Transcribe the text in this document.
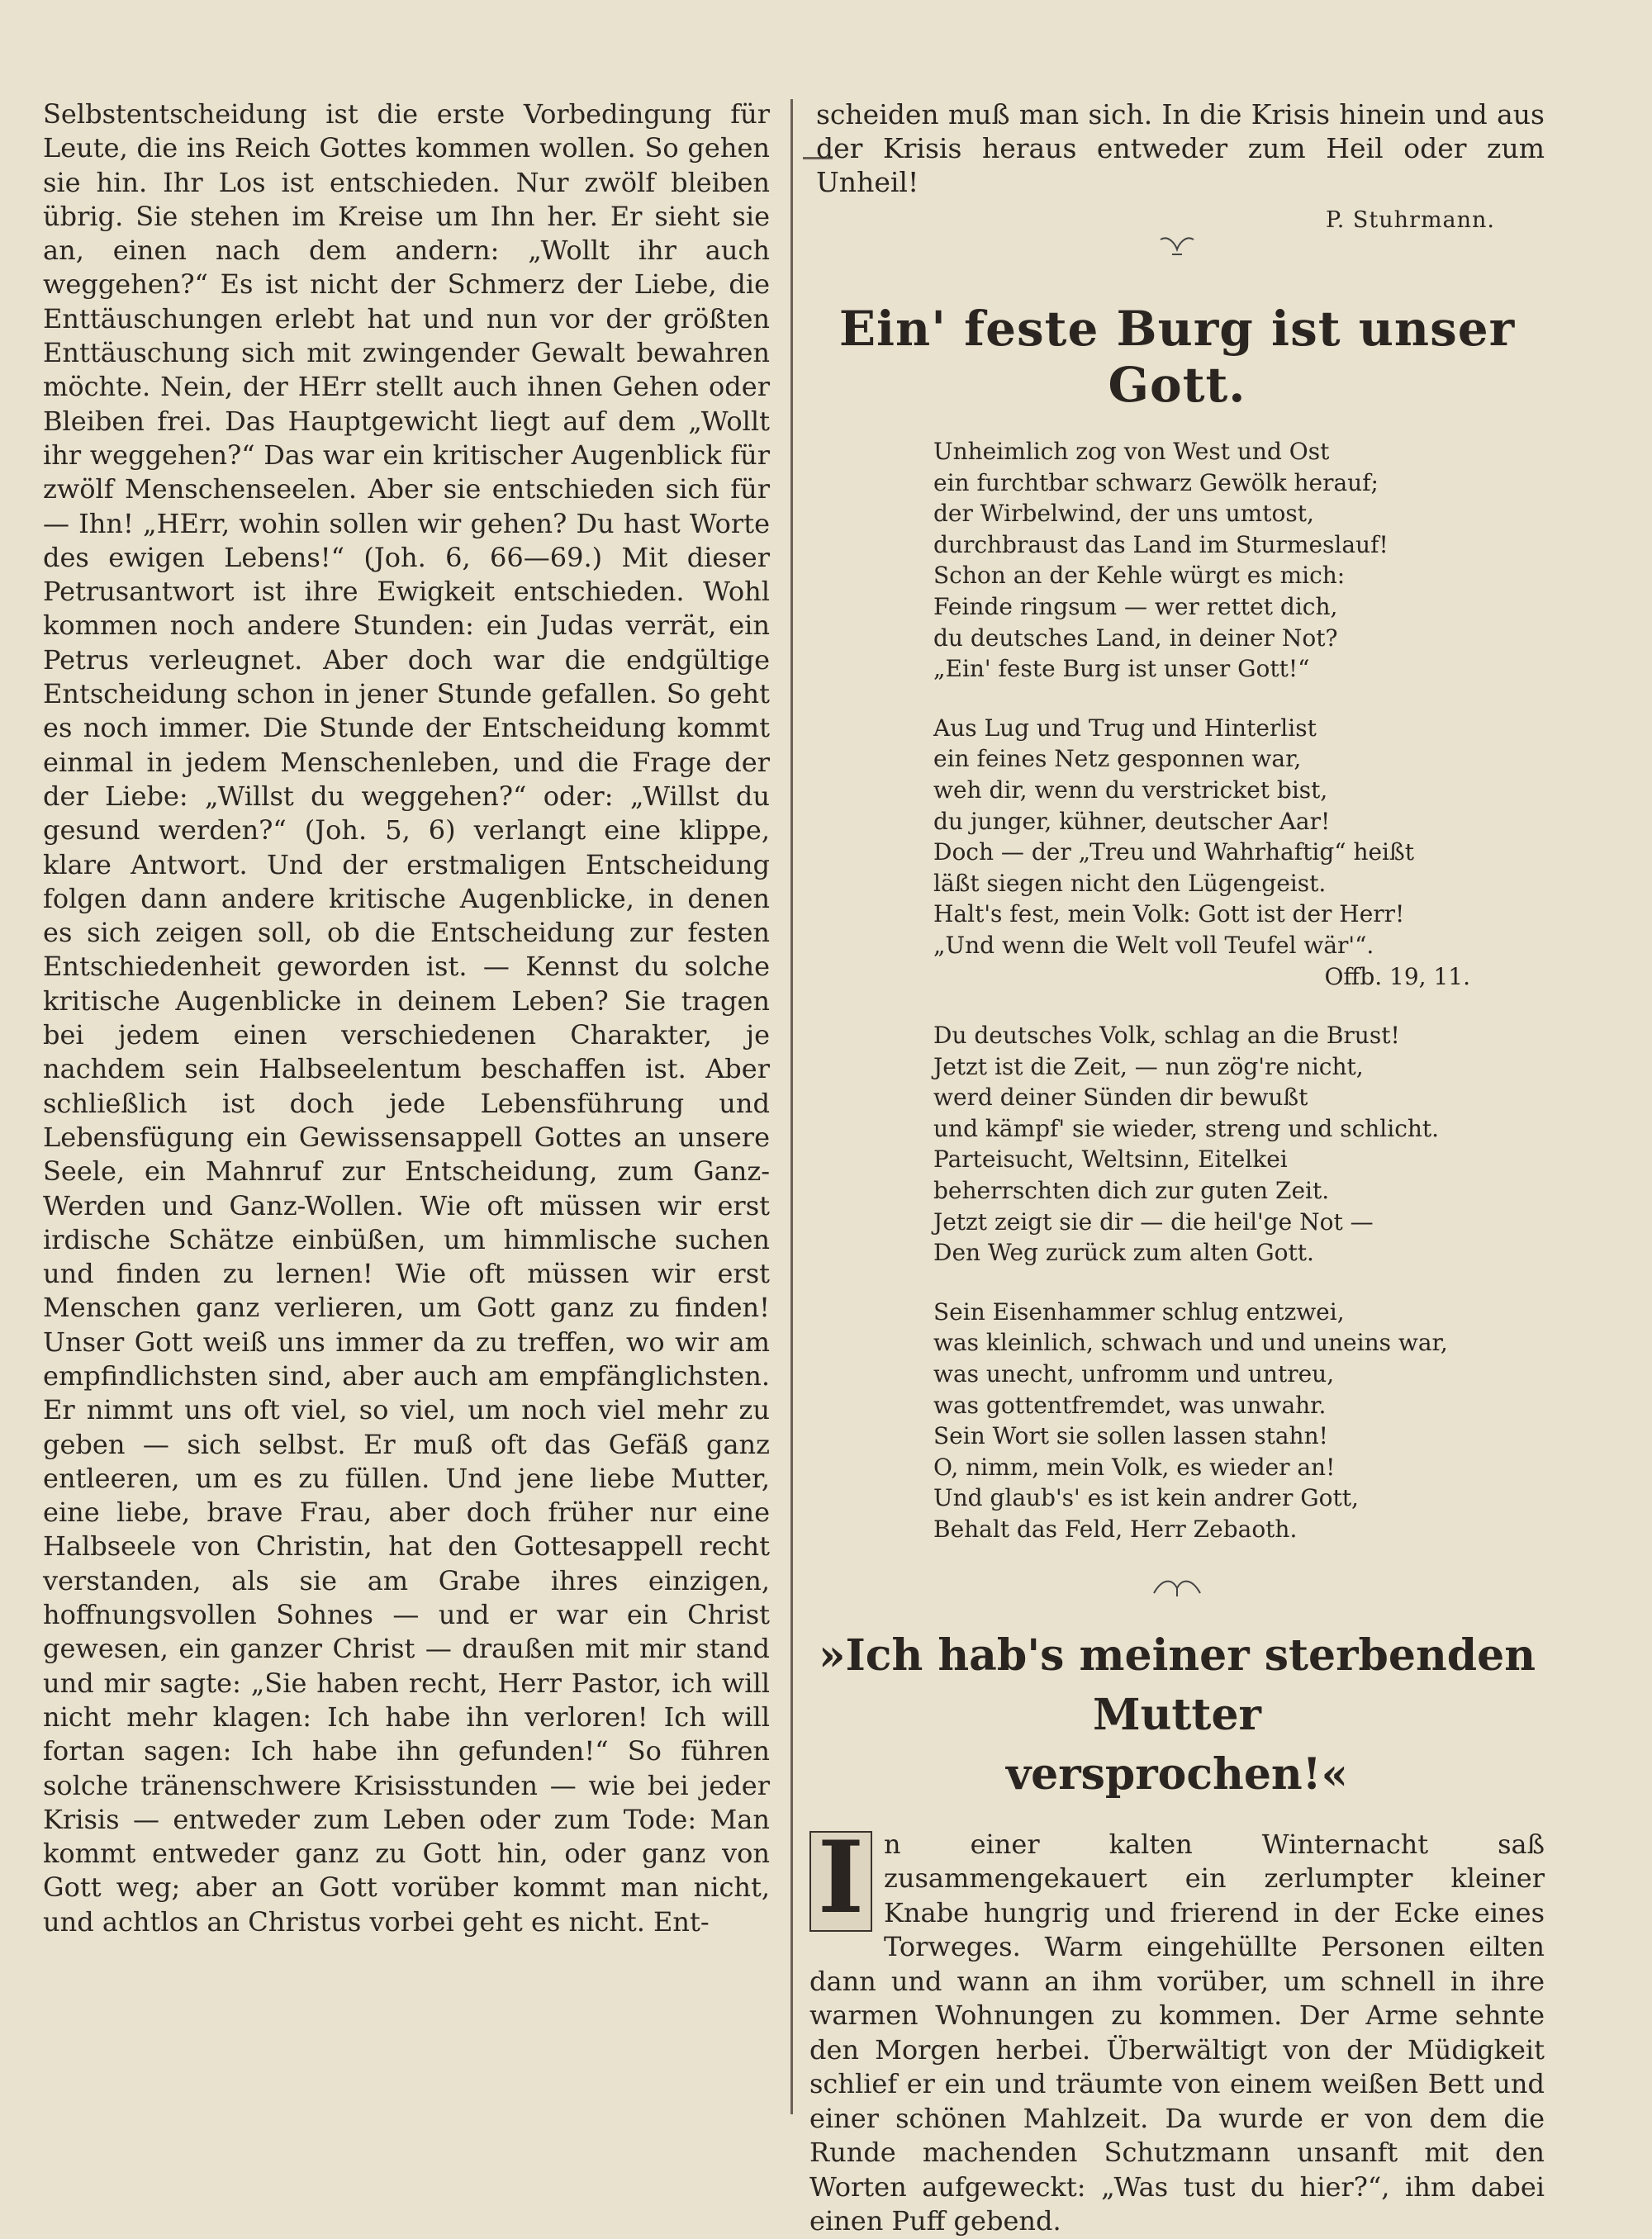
Selbstentscheidung ist die erste Vorbedingung für Leute, die ins Reich Gottes kommen wollen. So gehen sie hin. Ihr Los ist entschieden. Nur zwölf bleiben übrig. Sie stehen im Kreise um Ihn her. Er sieht sie an, einen nach dem andern: „Wollt ihr auch weggehen?“ Es ist nicht der Schmerz der Liebe, die Enttäuschungen erlebt hat und nun vor der größten Enttäuschung sich mit zwingender Gewalt bewahren möchte. Nein, der HErr stellt auch ihnen Gehen oder Bleiben frei. Das Hauptgewicht liegt auf dem „Wollt ihr weggehen?“ Das war ein kritischer Augenblick für zwölf Menschenseelen. Aber sie entschieden sich für — Ihn! „HErr, wohin sollen wir gehen? Du hast Worte des ewigen Lebens!“ (Joh. 6, 66—69.) Mit dieser Petrusantwort ist ihre Ewigkeit entschieden. Wohl kommen noch andere Stunden: ein Judas verrät, ein Petrus verleugnet. Aber doch war die endgültige Entscheidung schon in jener Stunde gefallen. So geht es noch immer. Die Stunde der Entscheidung kommt einmal in jedem Menschenleben, und die Frage der der Liebe: „Willst du weggehen?“ oder: „Willst du gesund werden?“ (Joh. 5, 6) verlangt eine klippe, klare Antwort. Und der erstmaligen Entscheidung folgen dann andere kritische Augenblicke, in denen es sich zeigen soll, ob die Entscheidung zur festen Entschiedenheit geworden ist. — Kennst du solche kritische Augenblicke in deinem Leben? Sie tragen bei jedem einen verschiedenen Charakter, je nachdem sein Halbseelentum beschaffen ist. Aber schließlich ist doch jede Lebensführung und Lebensfügung ein Gewissensappell Gottes an unsere Seele, ein Mahnruf zur Entscheidung, zum Ganz-Werden und Ganz-Wollen. Wie oft müssen wir erst irdische Schätze einbüßen, um himmlische suchen und finden zu lernen! Wie oft müssen wir erst Menschen ganz verlieren, um Gott ganz zu finden! Unser Gott weiß uns immer da zu treffen, wo wir am empfindlichsten sind, aber auch am empfänglichsten. Er nimmt uns oft viel, so viel, um noch viel mehr zu geben — sich selbst. Er muß oft das Gefäß ganz entleeren, um es zu füllen. Und jene liebe Mutter, eine liebe, brave Frau, aber doch früher nur eine Halbseele von Christin, hat den Gottesappell recht verstanden, als sie am Grabe ihres einzigen, hoffnungsvollen Sohnes — und er war ein Christ gewesen, ein ganzer Christ — draußen mit mir stand und mir sagte: „Sie haben recht, Herr Pastor, ich will nicht mehr klagen: Ich habe ihn verloren! Ich will fortan sagen: Ich habe ihn gefunden!“ So führen solche tränenschwere Krisisstunden — wie bei jeder Krisis — entweder zum Leben oder zum Tode: Man kommt entweder ganz zu Gott hin, oder ganz von Gott weg; aber an Gott vorüber kommt man nicht, und achtlos an Christus vorbei geht es nicht. Ent-

scheiden muß man sich. In die Krisis hinein und aus der Krisis heraus entweder zum Heil oder zum Unheil!

P. Stuhrmann.
Ein' feste Burg ist unser Gott.
Unheimlich zog von West und Ost
ein furchtbar schwarz Gewölk herauf;
der Wirbelwind, der uns umtost,
durchbraust das Land im Sturmeslauf!
Schon an der Kehle würgt es mich:
Feinde ringsum — wer rettet dich,
du deutsches Land, in deiner Not?
„Ein' feste Burg ist unser Gott!“
Aus Lug und Trug und Hinterlist
ein feines Netz gesponnen war,
weh dir, wenn du verstricket bist,
du junger, kühner, deutscher Aar!
Doch — der „Treu und Wahrhaftig“ heißt
läßt siegen nicht den Lügengeist.
Halt's fest, mein Volk: Gott ist der Herr!
„Und wenn die Welt voll Teufel wär'“.
Offb. 19, 11.
Du deutsches Volk, schlag an die Brust!
Jetzt ist die Zeit, — nun zög're nicht,
werd deiner Sünden dir bewußt
und kämpf' sie wieder, streng und schlicht.
Parteisucht, Weltsinn, Eitelkei
beherrschten dich zur guten Zeit.
Jetzt zeigt sie dir — die heil'ge Not —
Den Weg zurück zum alten Gott.
Sein Eisenhammer schlug entzwei,
was kleinlich, schwach und und uneins war,
was unecht, unfromm und untreu,
was gottentfremdet, was unwahr.
Sein Wort sie sollen lassen stahn!
O, nimm, mein Volk, es wieder an!
Und glaub's' es ist kein andrer Gott,
Behalt das Feld, Herr Zebaoth.
»Ich hab's meiner sterbenden Mutter
versprochen!«
I n einer kalten Winternacht saß zusammengekauert ein zerlumpter kleiner Knabe hungrig und frierend in der Ecke eines Torweges. Warm eingehüllte Personen eilten dann und wann an ihm vorüber, um schnell in ihre warmen Wohnungen zu kommen. Der Arme sehnte den Morgen herbei. Überwältigt von der Müdigkeit schlief er ein und träumte von einem weißen Bett und einer schönen Mahlzeit. Da wurde er von dem die Runde machenden Schutzmann unsanft mit den Worten aufgeweckt: „Was tust du hier?“, ihm dabei einen Puff gebend.
